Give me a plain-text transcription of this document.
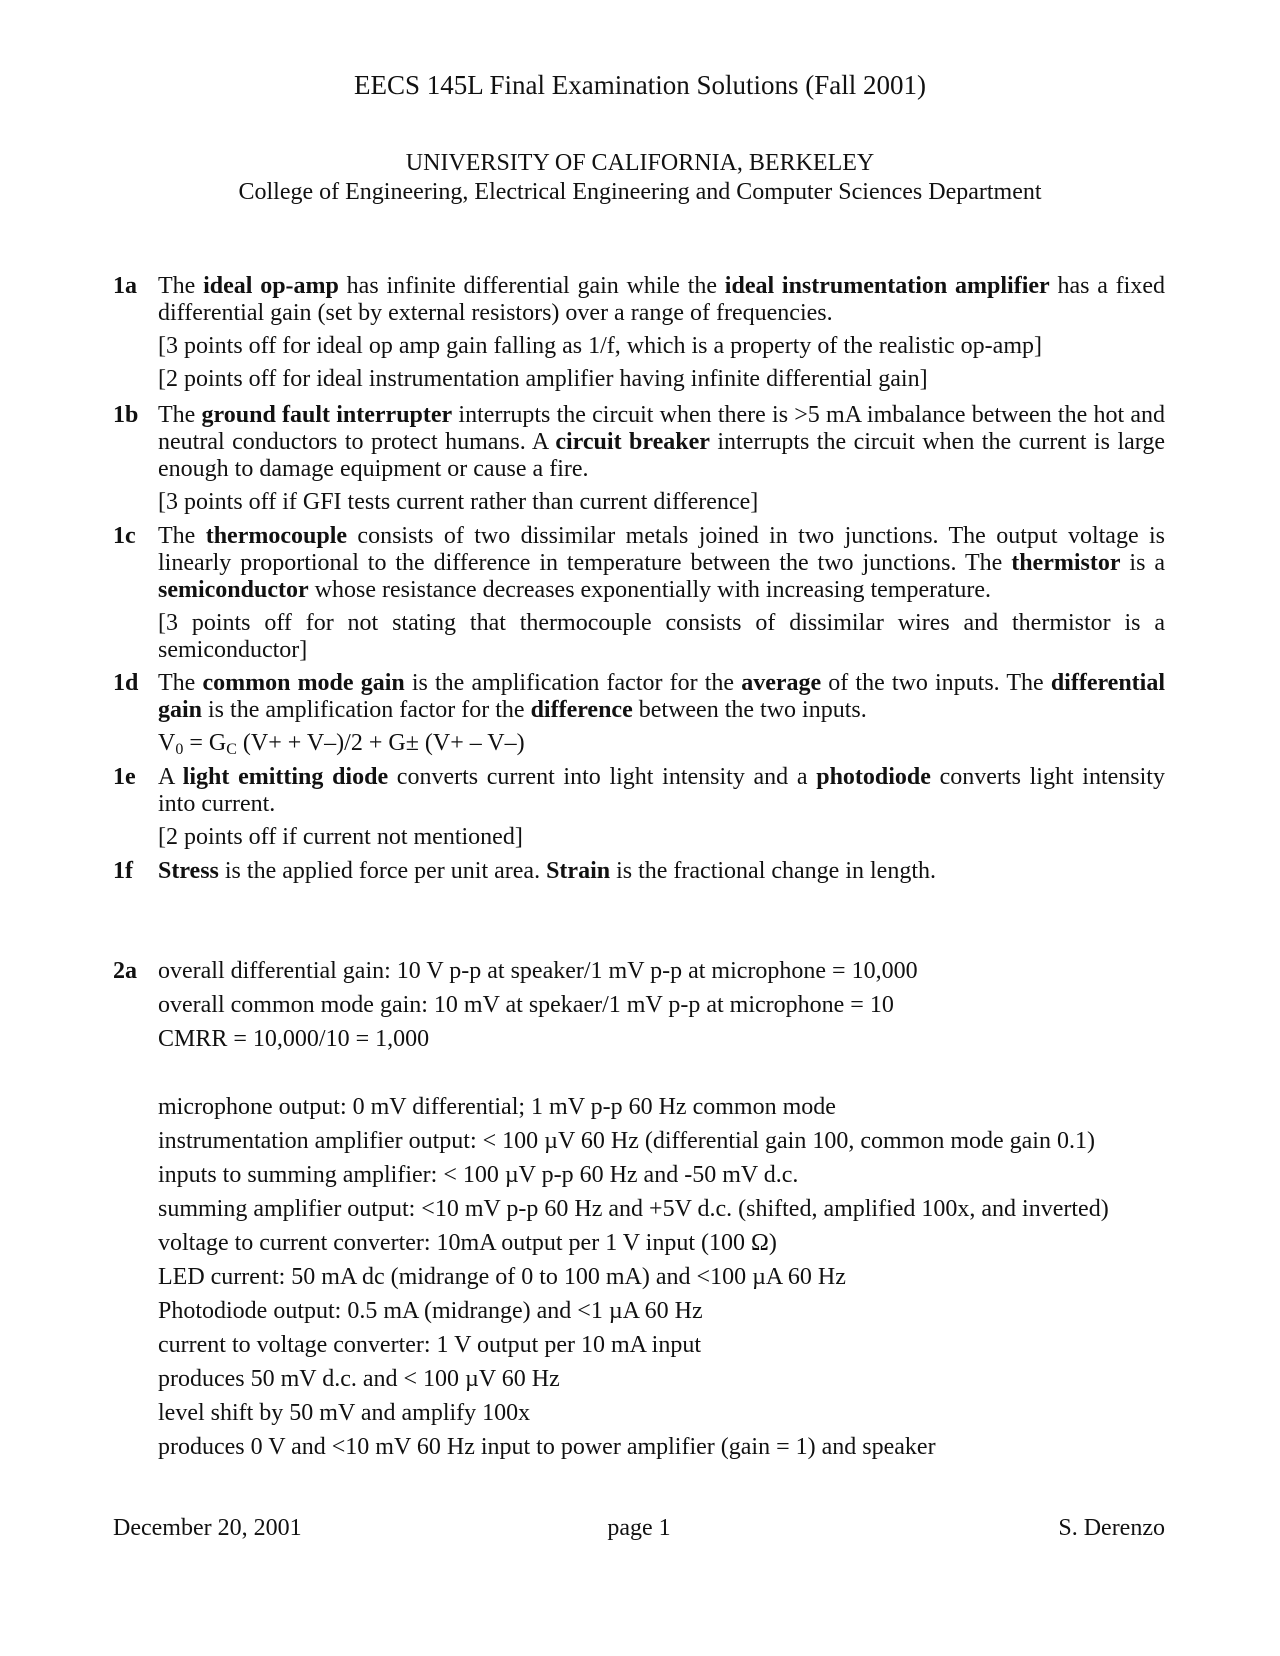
EECS 145L Final Examination Solutions (Fall 2001)
UNIVERSITY OF CALIFORNIA, BERKELEY
College of Engineering, Electrical Engineering and Computer Sciences Department
1a The ideal op-amp has infinite differential gain while the ideal instrumentation amplifier has a fixed differential gain (set by external resistors) over a range of frequencies.
[3 points off for ideal op amp gain falling as 1/f, which is a property of the realistic op-amp]
[2 points off for ideal instrumentation amplifier having infinite differential gain]
1b The ground fault interrupter interrupts the circuit when there is >5 mA imbalance between the hot and neutral conductors to protect humans. A circuit breaker interrupts the circuit when the current is large enough to damage equipment or cause a fire.
[3 points off if GFI tests current rather than current difference]
1c The thermocouple consists of two dissimilar metals joined in two junctions. The output voltage is linearly proportional to the difference in temperature between the two junctions. The thermistor is a semiconductor whose resistance decreases exponentially with increasing temperature.
[3 points off for not stating that thermocouple consists of dissimilar wires and thermistor is a semiconductor]
1d The common mode gain is the amplification factor for the average of the two inputs. The differential gain is the amplification factor for the difference between the two inputs.
$V_0 = G_C$ (V+ + V–)/2 + G± (V+ – V–)
1e A light emitting diode converts current into light intensity and a photodiode converts light intensity into current.
[2 points off if current not mentioned]
1f Stress is the applied force per unit area. Strain is the fractional change in length.
2a overall differential gain: 10 V p-p at speaker/1 mV p-p at microphone = 10,000
overall common mode gain: 10 mV at spekaer/1 mV p-p at microphone = 10
CMRR = 10,000/10 = 1,000
microphone output: 0 mV differential; 1 mV p-p 60 Hz common mode
instrumentation amplifier output: < 100 µV 60 Hz (differential gain 100, common mode gain 0.1)
inputs to summing amplifier: < 100 µV p-p 60 Hz and -50 mV d.c.
summing amplifier output: <10 mV p-p 60 Hz and +5V d.c. (shifted, amplified 100x, and inverted)
voltage to current converter: 10mA output per 1 V input (100 Ω)
LED current: 50 mA dc (midrange of 0 to 100 mA) and <100 µA 60 Hz
Photodiode output: 0.5 mA (midrange) and <1 µA 60 Hz
current to voltage converter: 1 V output per 10 mA input
produces 50 mV d.c. and < 100 µV 60 Hz
level shift by 50 mV and amplify 100x
produces 0 V and <10 mV 60 Hz input to power amplifier (gain = 1) and speaker
December 20, 2001	page 1	S. Derenzo
